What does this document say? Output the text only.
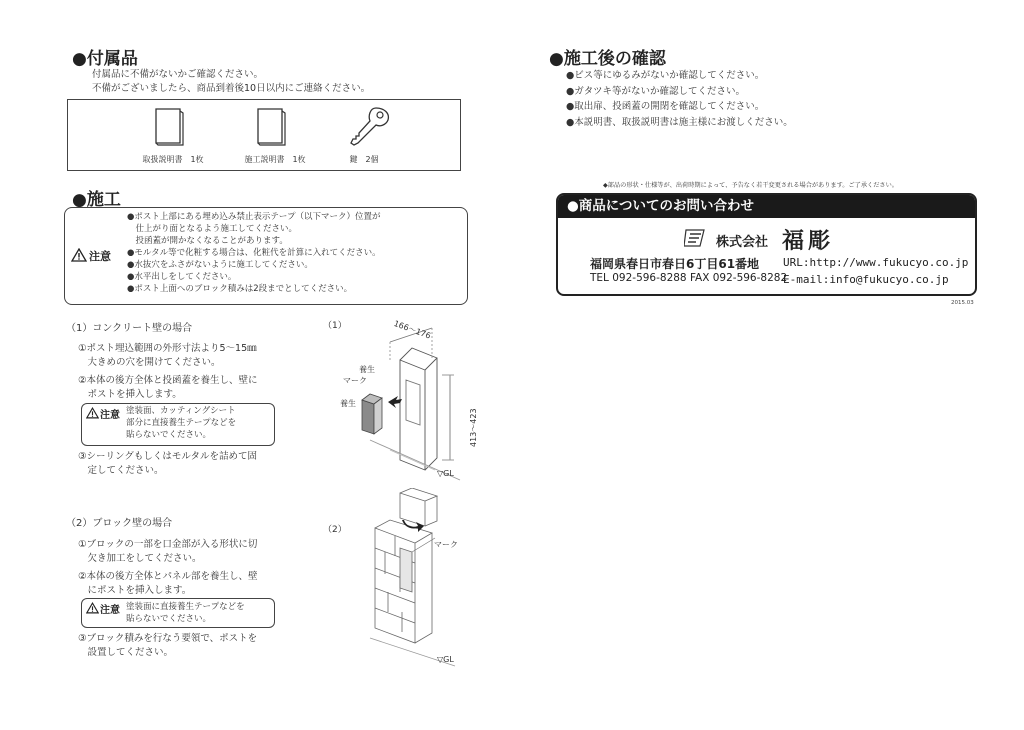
●付属品
付属品に不備がないかご確認ください。
不備がございましたら、商品到着後10日以内にご連絡ください。
取扱説明書　1枚	施工説明書　1枚	鍵　2個
●施工
注意
●ポスト上部にある埋め込み禁止表示テープ（以下マーク）位置が
　仕上がり面となるよう施工してください。
　投函蓋が開かなくなることがあります。
●モルタル等で化粧する場合は、化粧代を計算に入れてください。
●水抜穴をふさがないように施工してください。
●水平出しをしてください。
●ポスト上面へのブロック積みは2段までとしてください。
（1）コンクリート壁の場合
①ポスト埋込範囲の外形寸法より5～15㎜
　大きめの穴を開けてください。
②本体の後方全体と投函蓋を養生し、壁に
　ポストを挿入します。
注意 塗装面、カッティングシート
部分に直接養生テープなどを
貼らないでください。
③シーリングもしくはモルタルを詰めて固
　定してください。
（1）	166～176
413～423
養生
マーク
養生
▽GL
（2）ブロック壁の場合
①ブロックの一部を口金部が入る形状に切
　欠き加工をしてください。
②本体の後方全体とパネル部を養生し、壁
　にポストを挿入します。
注意 塗装面に直接養生テープなどを
貼らないでください。
③ブロック積みを行なう要領で、ポストを
　設置してください。
（2）
マーク
▽GL
●施工後の確認
●ビス等にゆるみがないか確認してください。
●ガタツキ等がないか確認してください。
●取出扉、投函蓋の開閉を確認してください。
●本説明書、取扱説明書は施主様にお渡しください。
◆部品の形状・仕様等が、出荷時期によって、予告なく若干変更される場合があります。ご了承ください。
●商品についてのお問い合わせ
株式会社 福彫
福岡県春日市春日6丁目61番地
TEL 092-596-8288 FAX 092-596-8282
URL:http://www.fukucyo.co.jp
E-mail:info@fukucyo.co.jp
2015.03
